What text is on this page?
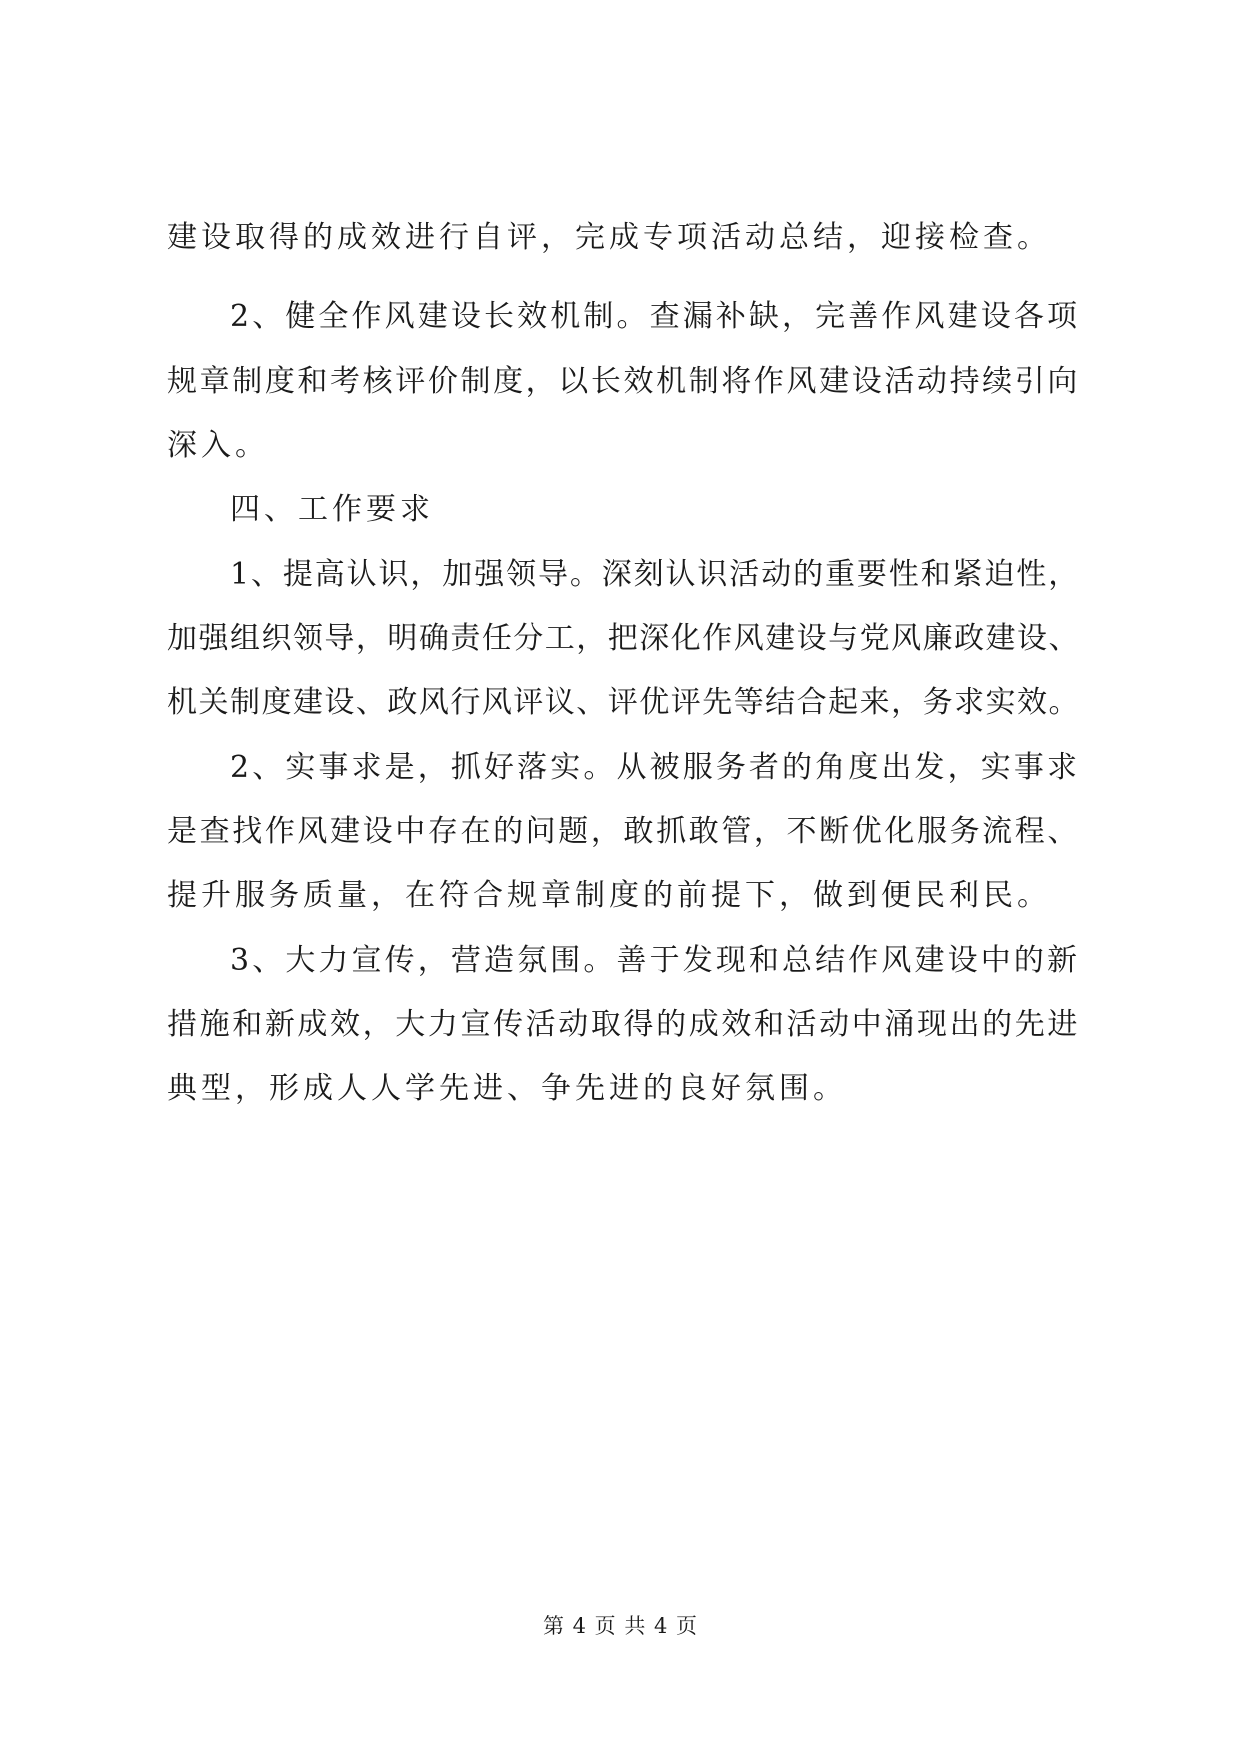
建设取得的成效进行自评，完成专项活动总结，迎接检查。
2、健全作风建设长效机制。查漏补缺，完善作风建设各项
规章制度和考核评价制度，以长效机制将作风建设活动持续引向
深入。
四、工作要求
1、提高认识，加强领导。深刻认识活动的重要性和紧迫性，
加强组织领导，明确责任分工，把深化作风建设与党风廉政建设、
机关制度建设、政风行风评议、评优评先等结合起来，务求实效。
2、实事求是，抓好落实。从被服务者的角度出发，实事求
是查找作风建设中存在的问题，敢抓敢管，不断优化服务流程、
提升服务质量，在符合规章制度的前提下，做到便民利民。
3、大力宣传，营造氛围。善于发现和总结作风建设中的新
措施和新成效，大力宣传活动取得的成效和活动中涌现出的先进
典型，形成人人学先进、争先进的良好氛围。
第 4 页 共 4 页
